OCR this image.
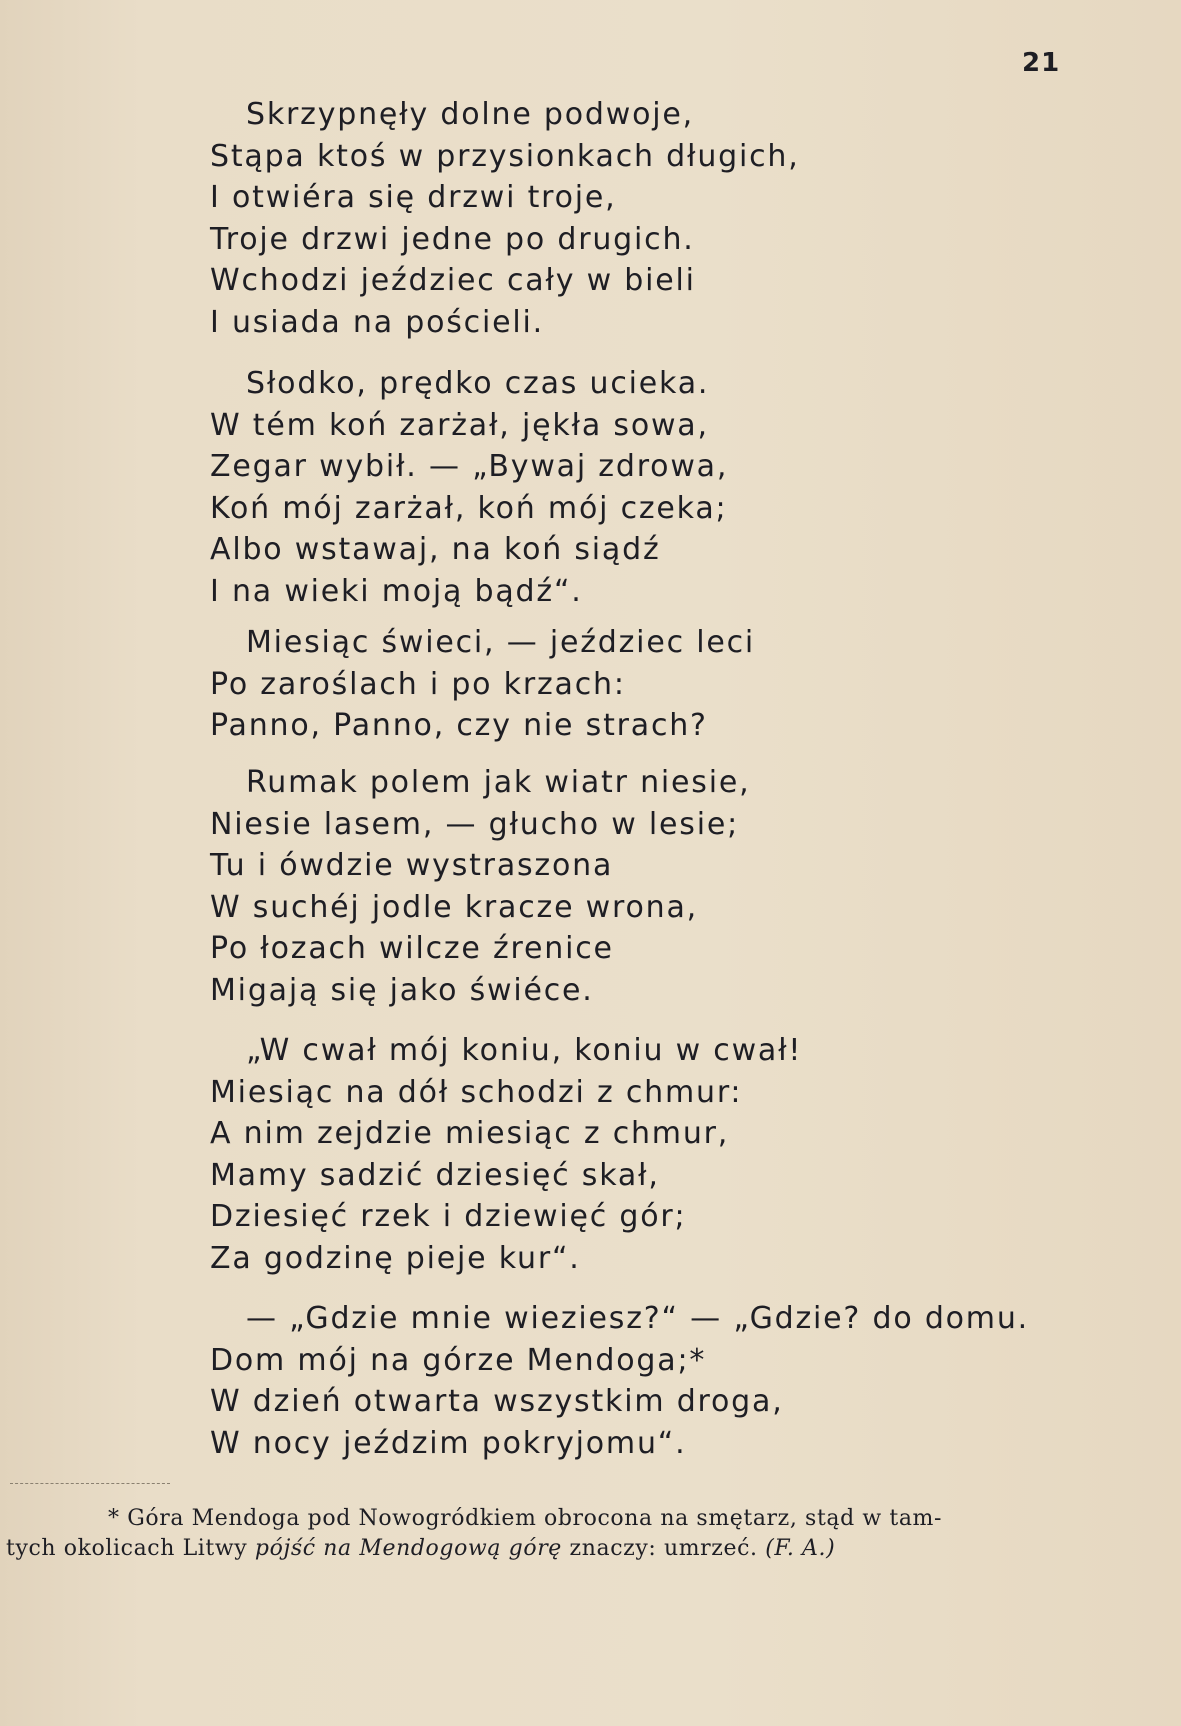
21
Skrzypnęły dolne podwoje,
Stąpa ktoś w przysionkach długich,
I otwiéra się drzwi troje,
Troje drzwi jedne po drugich.
Wchodzi jeździec cały w bieli
I usiada na pościeli.
Słodko, prędko czas ucieka.
W tém koń zarżał, jękła sowa,
Zegar wybił. — „Bywaj zdrowa,
Koń mój zarżał, koń mój czeka;
Albo wstawaj, na koń siądź
I na wieki moją bądź“.
Miesiąc świeci, — jeździec leci
Po zaroślach i po krzach:
Panno, Panno, czy nie strach?
Rumak polem jak wiatr niesie,
Niesie lasem, — głucho w lesie;
Tu i ówdzie wystraszona
W suchéj jodle kracze wrona,
Po łozach wilcze źrenice
Migają się jako świéce.
„W cwał mój koniu, koniu w cwał!
Miesiąc na dół schodzi z chmur:
A nim zejdzie miesiąc z chmur,
Mamy sadzić dziesięć skał,
Dziesięć rzek i dziewięć gór;
Za godzinę pieje kur“.
— „Gdzie mnie wieziesz?“ — „Gdzie? do domu.
Dom mój na górze Mendoga;*
W dzień otwarta wszystkim droga,
W nocy jeździm pokryjomu“.
* Góra Mendoga pod Nowogródkiem obrocona na smętarz, stąd w tam-
tych okolicach Litwy pójść na Mendogową górę znaczy: umrzeć. (F. A.)
